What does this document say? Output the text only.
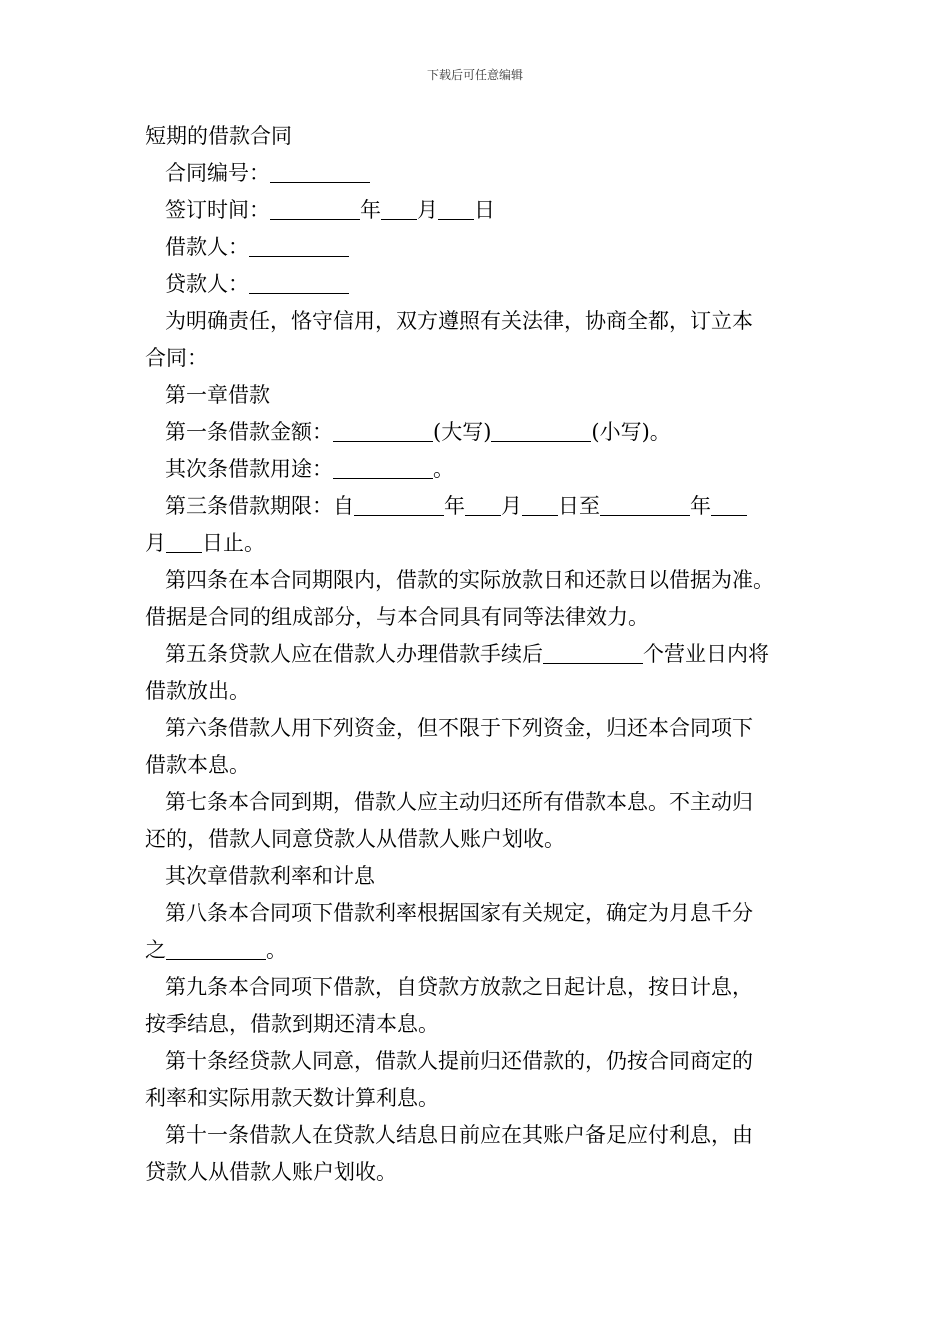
下载后可任意编辑
短期的借款合同
合同编号：
签订时间：	年 月 日
借款人：
贷款人：
为明确责任，恪守信用，双方遵照有关法律，协商全都，订立本
合同：
第一章借款
第一条借款金额：	(大写)	(小写)。
其次条借款用途：	。
第三条借款期限：自	年 月 日至	年
月 日止。
第四条在本合同期限内，借款的实际放款日和还款日以借据为准。
借据是合同的组成部分，与本合同具有同等法律效力。
第五条贷款人应在借款人办理借款手续后	个营业日内将
借款放出。
第六条借款人用下列资金，但不限于下列资金，归还本合同项下
借款本息。
第七条本合同到期，借款人应主动归还所有借款本息。不主动归
还的，借款人同意贷款人从借款人账户划收。
其次章借款利率和计息
第八条本合同项下借款利率根据国家有关规定，确定为月息千分
之	。
第九条本合同项下借款，自贷款方放款之日起计息，按日计息，
按季结息，借款到期还清本息。
第十条经贷款人同意，借款人提前归还借款的，仍按合同商定的
利率和实际用款天数计算利息。
第十一条借款人在贷款人结息日前应在其账户备足应付利息，由
贷款人从借款人账户划收。
